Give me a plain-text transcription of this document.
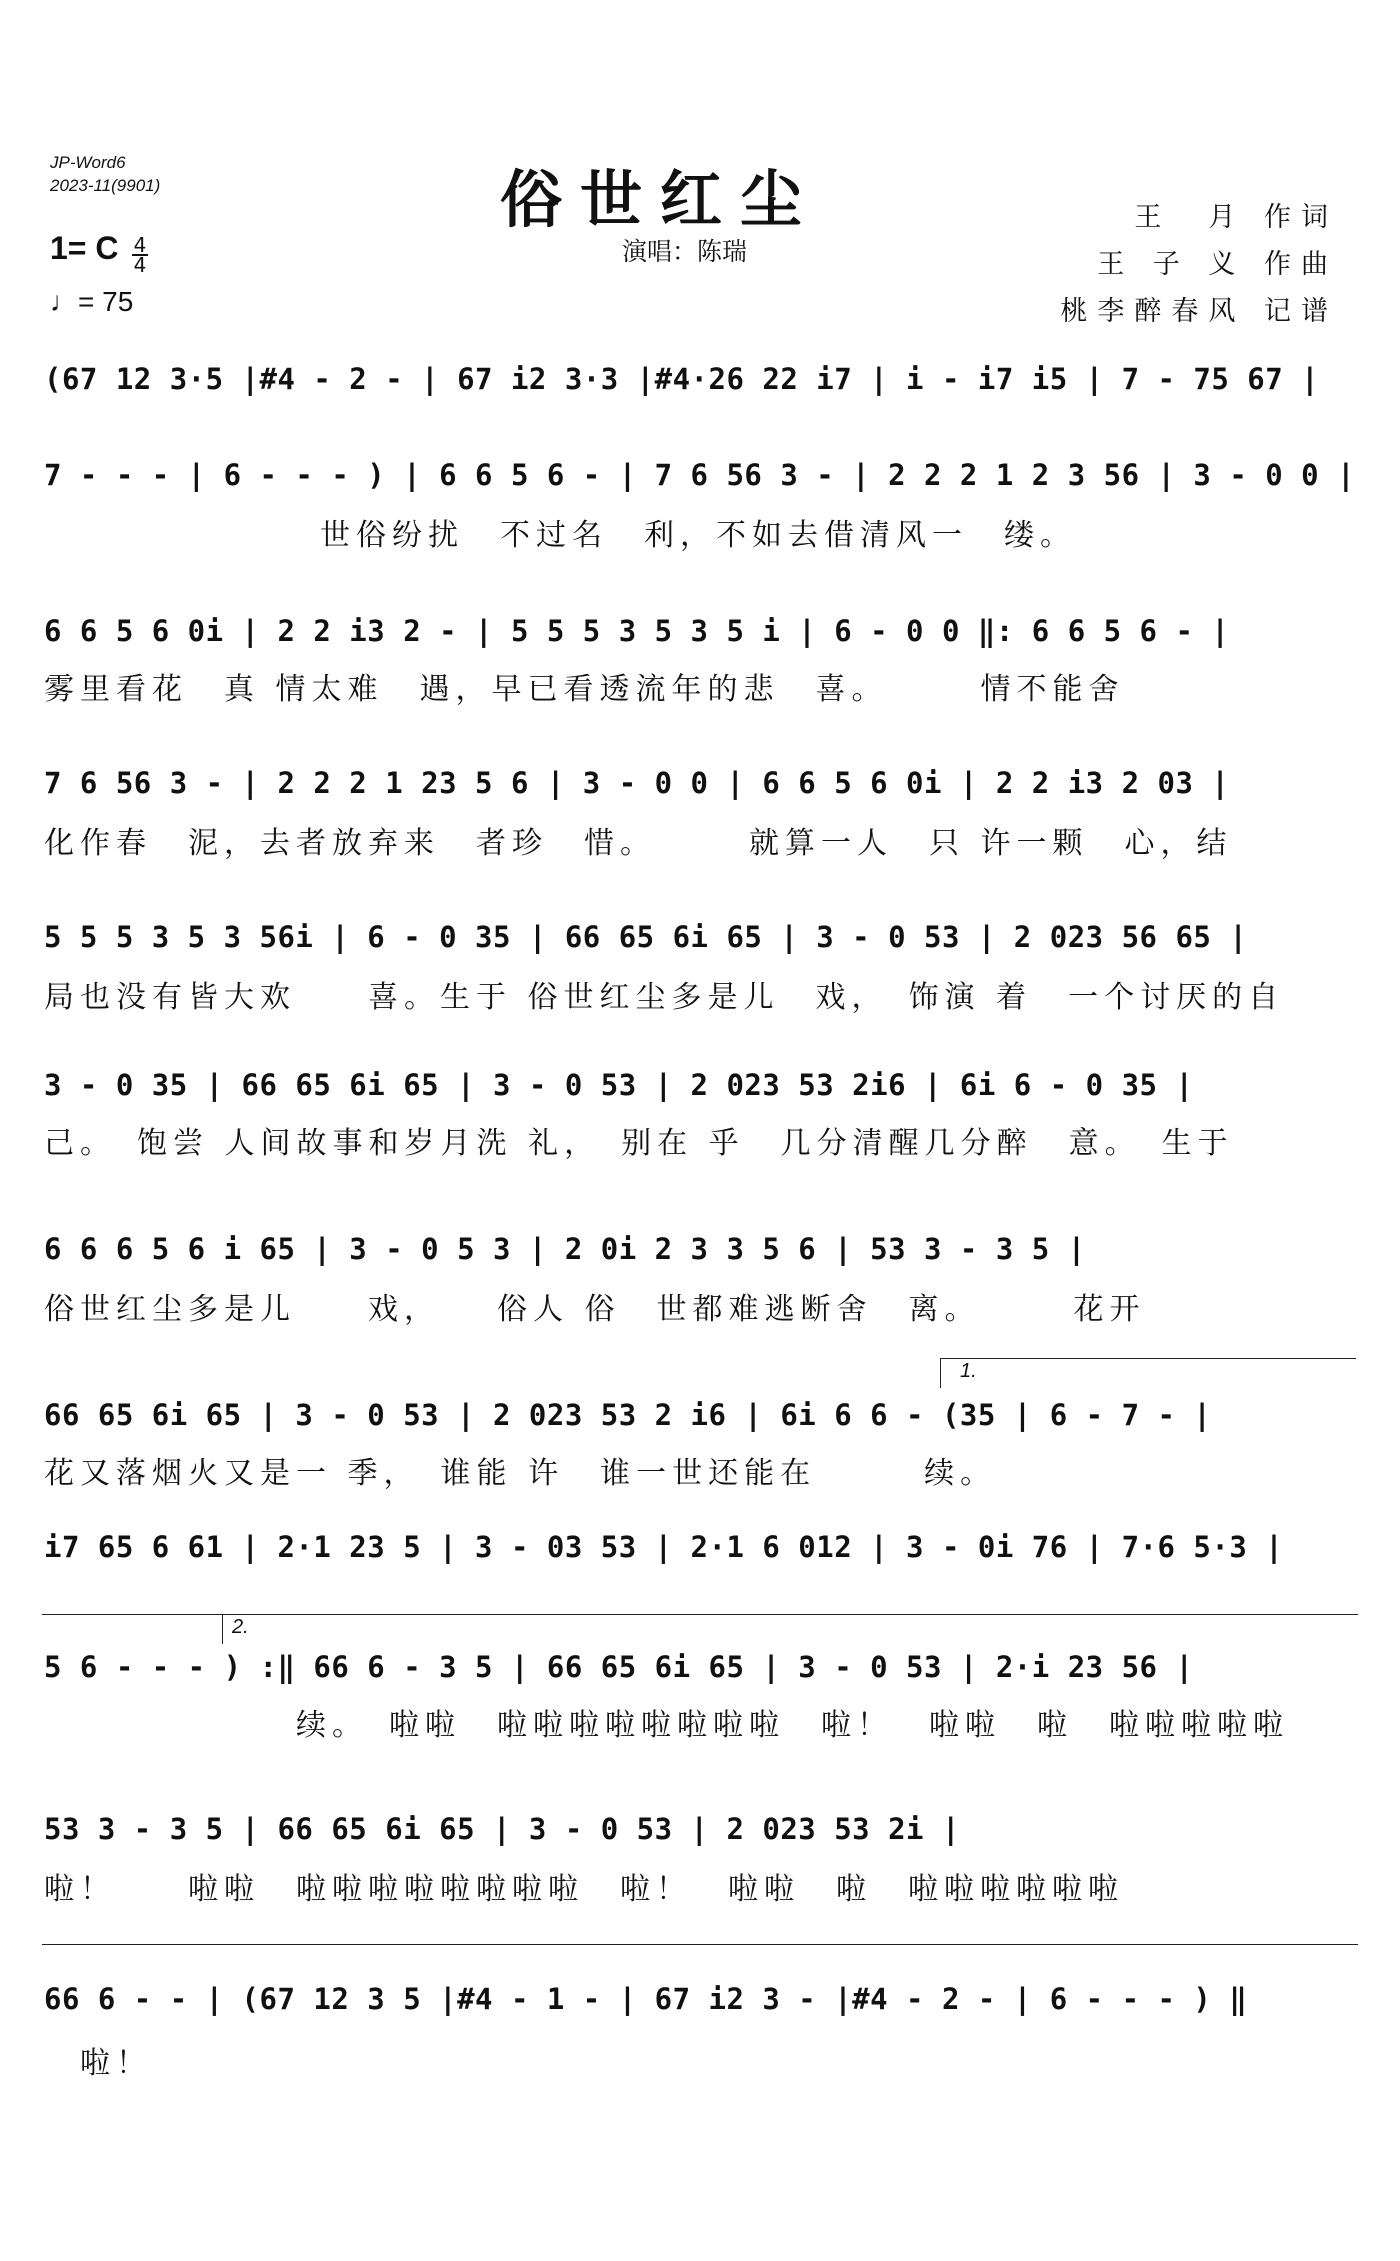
JP-Word6
2023-11(9901)	俗世红尘
演唱：陈瑞
1= C $\frac{4}{4}$
♩= 75
王　月 作词
王 子 义 作曲
桃李醉春风 记谱
(67 12 3·5 |#4 - 2 - | 67 i2 3·3 |#4·26 22 i7 | i - i7 i5 | 7 - 75 67 |
7 - - - | 6 - - - ) | 6 6 5 6 - | 7 6 56 3 - | 2 2 2 1 2 3 56 | 3 - 0 0 |
世俗纷扰　不过名　利，不如去借清风一　缕。
6 6 5 6 0i | 2 2 i3 2 - | 5 5 5 3 5 3 5 i | 6 - 0 0 ‖: 6 6 5 6 - |
雾里看花　真 情太难　遇，早已看透流年的悲　喜。　　　情不能舍
7 6 56 3 - | 2 2 2 1 23 5 6 | 3 - 0 0 | 6 6 5 6 0i | 2 2 i3 2 03 |
化作春　泥，去者放弃来　者珍　惜。　　　就算一人　只 许一颗　心，结
5 5 5 3 5 3 56i | 6 - 0 35 | 66 65 6i 65 | 3 - 0 53 | 2 023 56 65 |
局也没有皆大欢　　喜。生于 俗世红尘多是儿　戏，　饰演 着　一个讨厌的自
3 - 0 35 | 66 65 6i 65 | 3 - 0 53 | 2 023 53 2i6 | 6i 6 - 0 35 |
己。　饱尝 人间故事和岁月洗 礼，　别在 乎　几分清醒几分醉　意。　生于
6 6 6 5 6 i 65 | 3 - 0 5 3 | 2 0i 2 3 3 5 6 | 53 3 - 3 5 |
俗世红尘多是儿　　戏，　　俗人 俗　世都难逃断舍　离。　　　花开
1.
66 65 6i 65 | 3 - 0 53 | 2 023 53 2 i6 | 6i 6 6 - (35 | 6 - 7 - |
花又落烟火又是一 季，　谁能 许　谁一世还能在　　　续。
i7 65 6 61 | 2·1 23 5 | 3 - 03 53 | 2·1 6 012 | 3 - 0i 76 | 7·6 5·3 |
2.
5 6 - - - ) :‖ 66 6 - 3 5 | 66 65 6i 65 | 3 - 0 53 | 2·i 23 56 |
　　　　　　　续。　啦啦　啦啦啦啦啦啦啦啦　啦！　啦啦　啦　啦啦啦啦啦
53 3 - 3 5 | 66 65 6i 65 | 3 - 0 53 | 2 023 53 2i |
啦！　　啦啦　啦啦啦啦啦啦啦啦　啦！　啦啦　啦　啦啦啦啦啦啦
66 6 - - | (67 12 3 5 |#4 - 1 - | 67 i2 3 - |#4 - 2 - | 6 - - - ) ‖
啦！
